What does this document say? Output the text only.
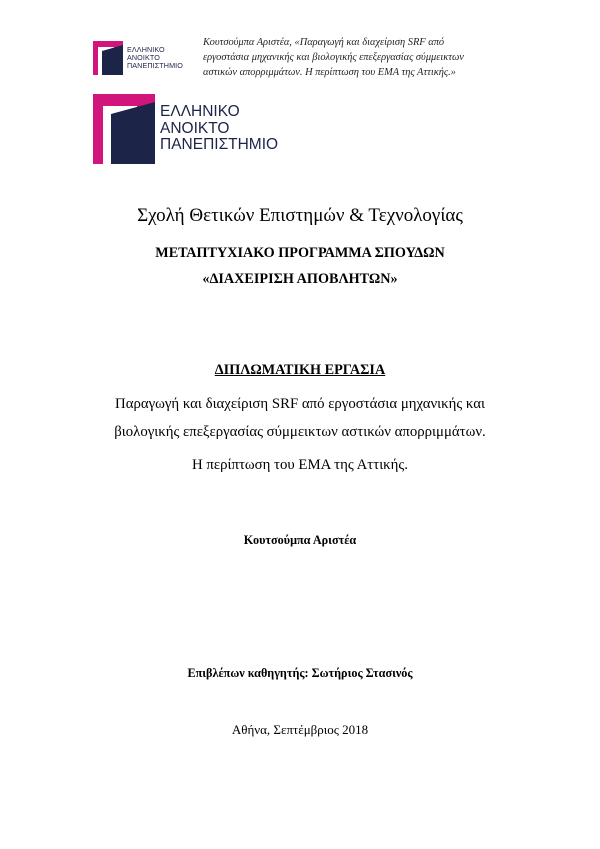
ΕΛΛΗΝΙΚΟ
ΑΝΟΙΚΤΟ
ΠΑΝΕΠΙΣΤΗΜΙΟ
Κουτσούμπα Αριστέα, «Παραγωγή και διαχείριση SRF από
εργοστάσια μηχανικής και βιολογικής επεξεργασίας σύμμεικτων
αστικών απορριμμάτων. Η περίπτωση του ΕΜΑ της Αττικής.»
ΕΛΛΗΝΙΚΟ
ΑΝΟΙΚΤΟ
ΠΑΝΕΠΙΣΤΗΜΙΟ
Σχολή Θετικών Επιστημών & Τεχνολογίας
ΜΕΤΑΠΤΥΧΙΑΚΟ ΠΡΟΓΡΑΜΜΑ ΣΠΟΥΔΩΝ
«ΔΙΑΧΕΙΡΙΣΗ ΑΠΟΒΛΗΤΩΝ»
ΔΙΠΛΩΜΑΤΙΚΗ ΕΡΓΑΣΙΑ
Παραγωγή και διαχείριση SRF από εργοστάσια μηχανικής και
βιολογικής επεξεργασίας σύμμεικτων αστικών απορριμμάτων.
Η περίπτωση του ΕΜΑ της Αττικής.
Κουτσούμπα Αριστέα
Επιβλέπων καθηγητής: Σωτήριος Στασινός
Αθήνα, Σεπτέμβριος 2018
